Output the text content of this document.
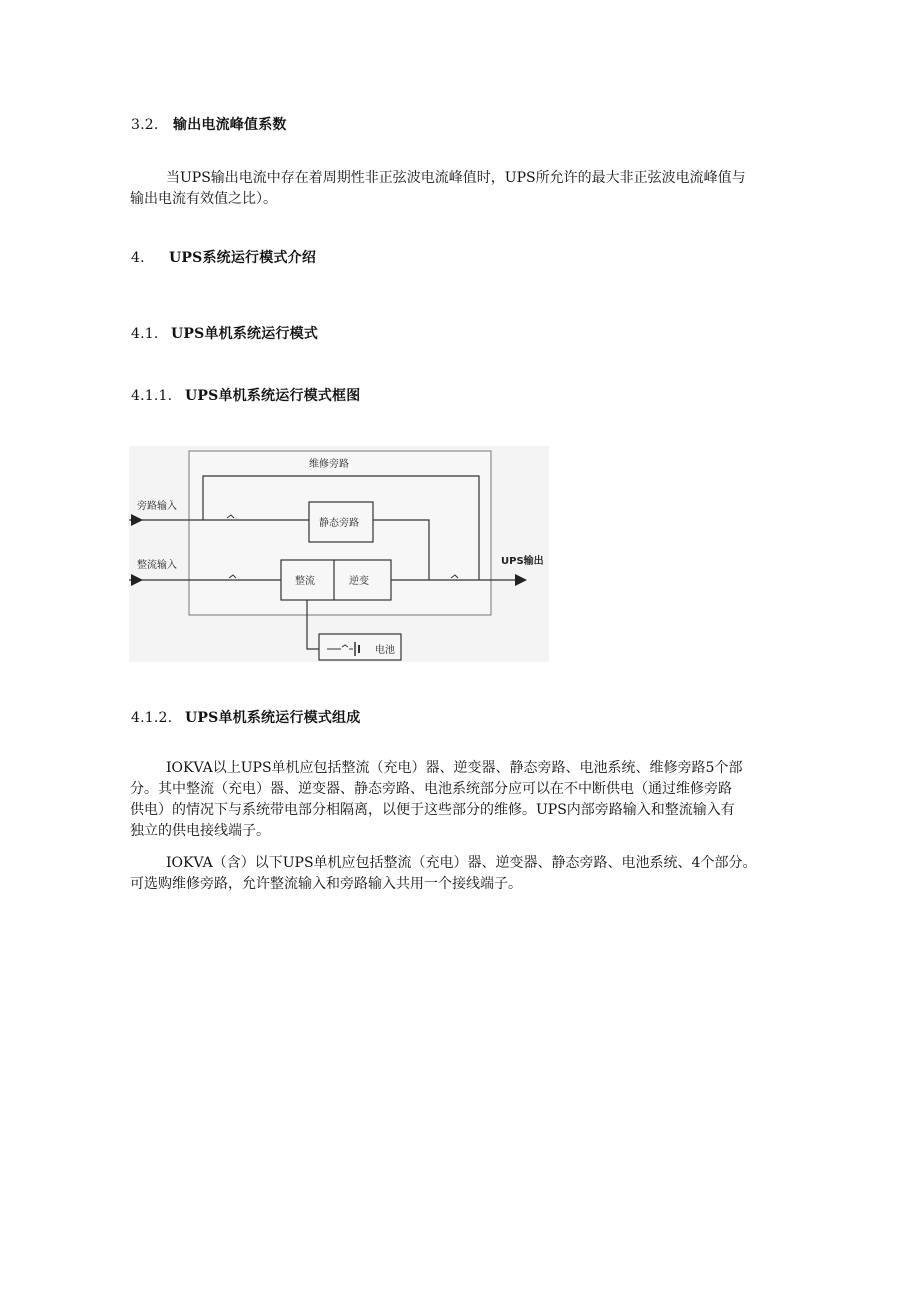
3.2. 输出电流峰值系数
当UPS输出电流中存在着周期性非正弦波电流峰值时，UPS所允许的最大非正弦波电流峰值与
输出电流有效值之比）。
4. UPS系统运行模式介绍
4.1. UPS单机系统运行模式
4.1.1. UPS单机系统运行模式框图
维修旁路
旁路输入
静态旁路
整流输入
整流	逆变
UPS输出
电池
4.1.2. UPS单机系统运行模式组成
IOKVA以上UPS单机应包括整流（充电）器、逆变器、静态旁路、电池系统、维修旁路5个部
分。其中整流（充电）器、逆变器、静态旁路、电池系统部分应可以在不中断供电（通过维修旁路
供电）的情况下与系统带电部分相隔离，以便于这些部分的维修。UPS内部旁路输入和整流输入有
独立的供电接线端子。
IOKVA（含）以下UPS单机应包括整流（充电）器、逆变器、静态旁路、电池系统、4个部分。
可选购维修旁路，允许整流输入和旁路输入共用一个接线端子。
